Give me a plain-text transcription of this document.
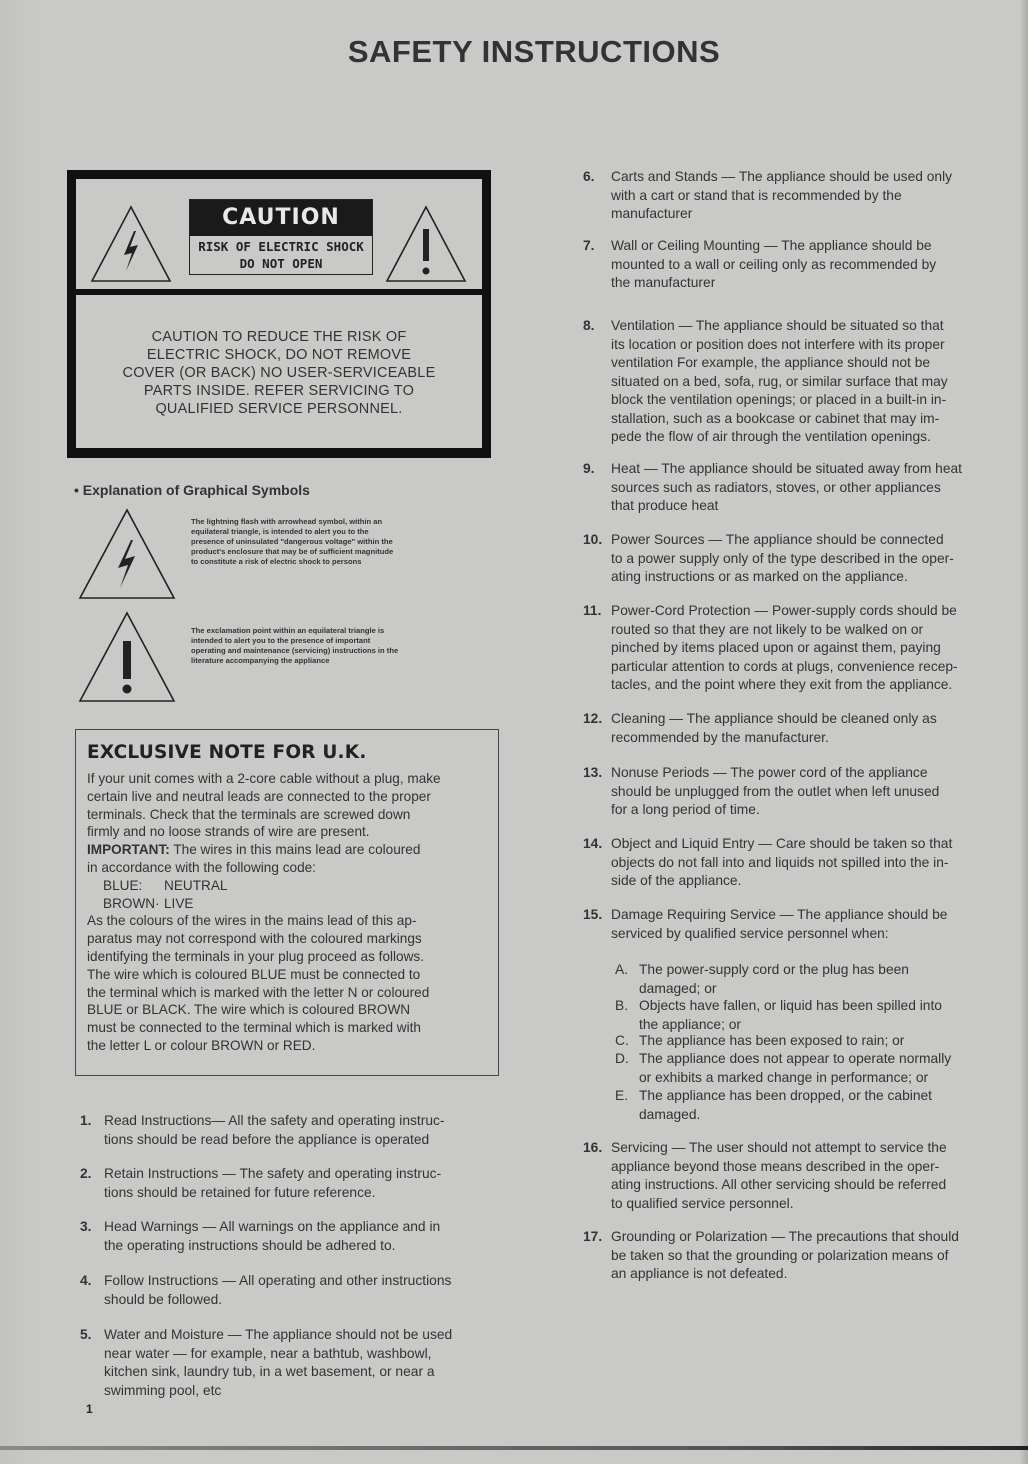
SAFETY INSTRUCTIONS
CAUTION
RISK OF ELECTRIC SHOCK
DO NOT OPEN
CAUTION TO REDUCE THE RISK OF
ELECTRIC SHOCK, DO NOT REMOVE
COVER (OR BACK) NO USER-SERVICEABLE
PARTS INSIDE. REFER SERVICING TO
QUALIFIED SERVICE PERSONNEL.
• Explanation of Graphical Symbols
The lightning flash with arrowhead symbol, within an
equilateral triangle, is intended to alert you to the
presence of uninsulated "dangerous voltage" within the
product's enclosure that may be of sufficient magnitude
to constitute a risk of electric shock to persons
The exclamation point within an equilateral triangle is
intended to alert you to the presence of important
operating and maintenance (servicing) instructions in the
literature accompanying the appliance
EXCLUSIVE NOTE FOR U.K.
If your unit comes with a 2-core cable without a plug, make
certain live and neutral leads are connected to the proper
terminals. Check that the terminals are screwed down
firmly and no loose strands of wire are present.
IMPORTANT: The wires in this mains lead are coloured
in accordance with the following code:
BLUE: NEUTRAL
BROWN· LIVE
As the colours of the wires in the mains lead of this ap-
paratus may not correspond with the coloured markings
identifying the terminals in your plug proceed as follows.
The wire which is coloured BLUE must be connected to
the terminal which is marked with the letter N or coloured
BLUE or BLACK. The wire which is coloured BROWN
must be connected to the terminal which is marked with
the letter L or colour BROWN or RED.
1. Read Instructions— All the safety and operating instruc-
tions should be read before the appliance is operated
2. Retain Instructions — The safety and operating instruc-
tions should be retained for future reference.
3. Head Warnings — All warnings on the appliance and in
the operating instructions should be adhered to.
4. Follow Instructions — All operating and other instructions
should be followed.
5. Water and Moisture — The appliance should not be used
near water — for example, near a bathtub, washbowl,
kitchen sink, laundry tub, in a wet basement, or near a
swimming pool, etc
6.	Carts and Stands — The appliance should be used only
with a cart or stand that is recommended by the
manufacturer
7.	Wall or Ceiling Mounting — The appliance should be
mounted to a wall or ceiling only as recommended by
the manufacturer
8.	Ventilation — The appliance should be situated so that
its location or position does not interfere with its proper
ventilation For example, the appliance should not be
situated on a bed, sofa, rug, or similar surface that may
block the ventilation openings; or placed in a built-in in-
stallation, such as a bookcase or cabinet that may im-
pede the flow of air through the ventilation openings.
9.	Heat — The appliance should be situated away from heat
sources such as radiators, stoves, or other appliances
that produce heat
10. Power Sources — The appliance should be connected
to a power supply only of the type described in the oper-
ating instructions or as marked on the appliance.
11. Power-Cord Protection — Power-supply cords should be
routed so that they are not likely to be walked on or
pinched by items placed upon or against them, paying
particular attention to cords at plugs, convenience recep-
tacles, and the point where they exit from the appliance.
12. Cleaning — The appliance should be cleaned only as
recommended by the manufacturer.
13. Nonuse Periods — The power cord of the appliance
should be unplugged from the outlet when left unused
for a long period of time.
14. Object and Liquid Entry — Care should be taken so that
objects do not fall into and liquids not spilled into the in-
side of the appliance.
15. Damage Requiring Service — The appliance should be
serviced by qualified service personnel when:
16. Servicing — The user should not attempt to service the
appliance beyond those means described in the oper-
ating instructions. All other servicing should be referred
to qualified service personnel.
17. Grounding or Polarization — The precautions that should
be taken so that the grounding or polarization means of
an appliance is not defeated.
A. The power-supply cord or the plug has been
damaged; or
B. Objects have fallen, or liquid has been spilled into
the appliance; or
C. The appliance has been exposed to rain; or
D. The appliance does not appear to operate normally
or exhibits a marked change in performance; or
E. The appliance has been dropped, or the cabinet
damaged.
1
